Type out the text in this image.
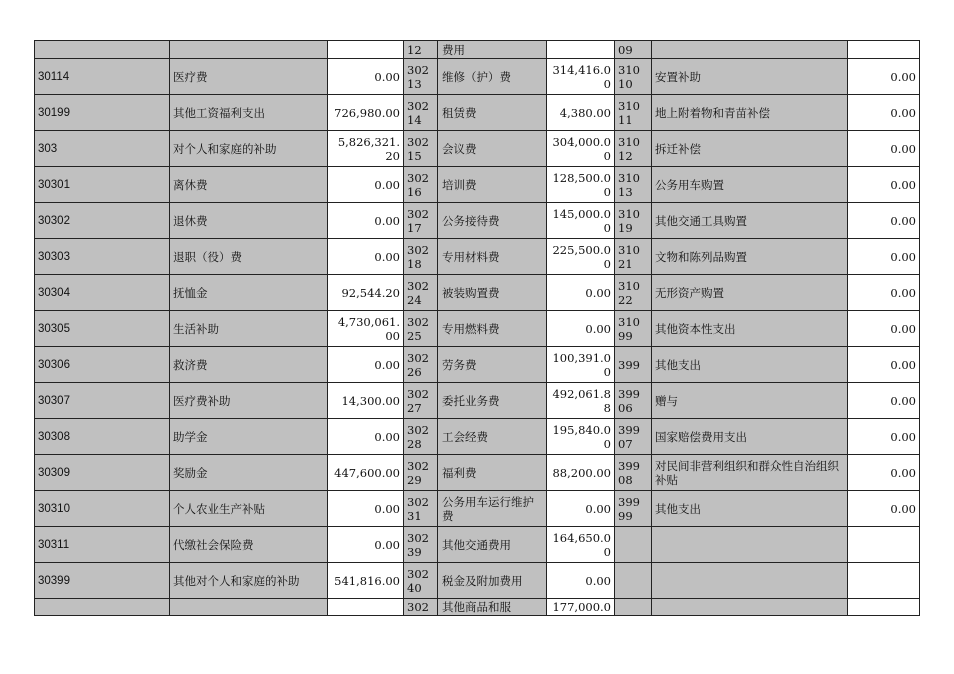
			12	费用		09		
30114	医疗费	0.00	302 13	维修（护）费	314,416.00	310 10	安置补助	0.00
30199	其他工资福利支出	726,980.00	302 14	租赁费	4,380.00	310 11	地上附着物和青苗补偿	0.00
303	对个人和家庭的补助	5,826,321.20	302 15	会议费	304,000.00	310 12	拆迁补偿	0.00
30301	离休费	0.00	302 16	培训费	128,500.00	310 13	公务用车购置	0.00
30302	退休费	0.00	302 17	公务接待费	145,000.00	310 19	其他交通工具购置	0.00
30303	退职（役）费	0.00	302 18	专用材料费	225,500.00	310 21	文物和陈列品购置	0.00
30304	抚恤金	92,544.20	302 24	被装购置费	0.00	310 22	无形资产购置	0.00
30305	生活补助	4,730,061.00	302 25	专用燃料费	0.00	310 99	其他资本性支出	0.00
30306	救济费	0.00	302 26	劳务费	100,391.00	399	其他支出	0.00
30307	医疗费补助	14,300.00	302 27	委托业务费	492,061.88	399 06	赠与	0.00
30308	助学金	0.00	302 28	工会经费	195,840.00	399 07	国家赔偿费用支出	0.00
30309	奖励金	447,600.00	302 29	福利费	88,200.00	399 08	对民间非营利组织和群众性自治组织补贴	0.00
30310	个人农业生产补贴	0.00	302 31	公务用车运行维护费	0.00	399 99	其他支出	0.00
30311	代缴社会保险费	0.00	302 39	其他交通费用	164,650.00			
30399	其他对个人和家庭的补助	541,816.00	302 40	税金及附加费用	0.00			
			302	其他商品和服	177,000.0			
